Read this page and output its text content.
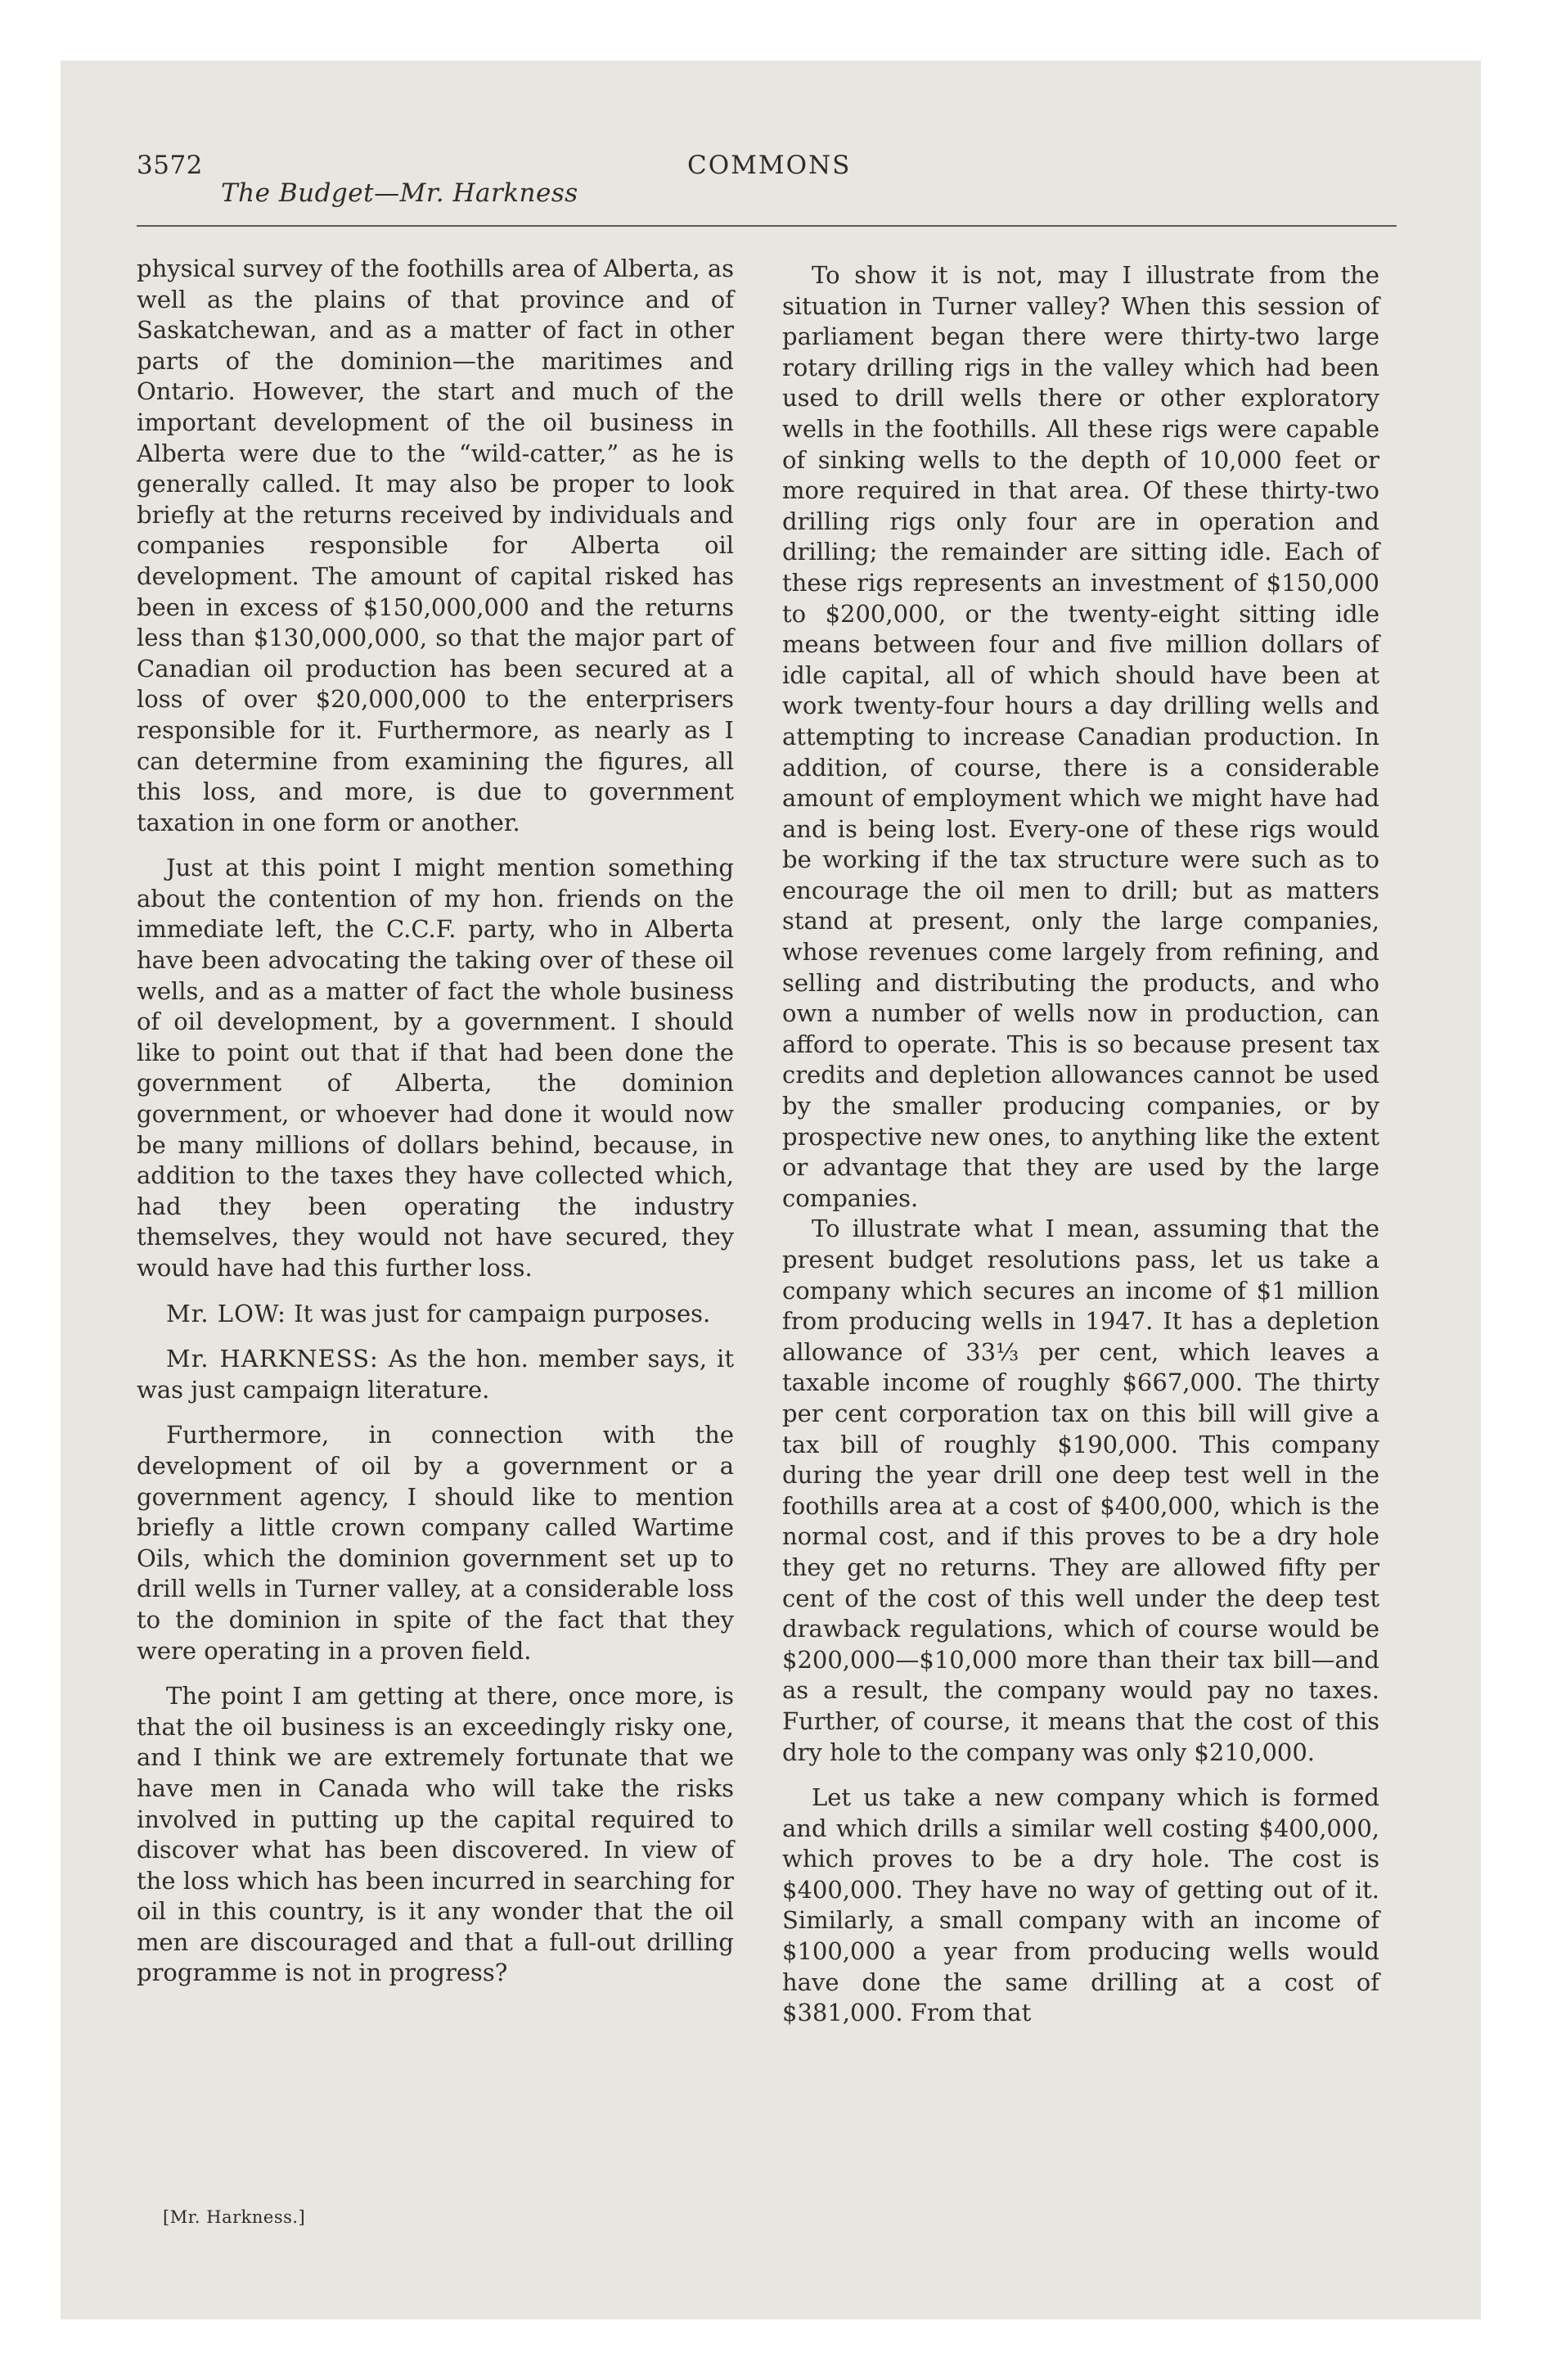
3572
The Budget—Mr. Harkness
COMMONS

physical survey of the foothills area of Alberta, as well as the plains of that province and of Saskatchewan, and as a matter of fact in other parts of the dominion—the maritimes and Ontario. However, the start and much of the important development of the oil business in Alberta were due to the “wild-catter,” as he is generally called. It may also be proper to look briefly at the returns received by individuals and companies responsible for Alberta oil development. The amount of capital risked has been in excess of $150,000,000 and the returns less than $130,000,000, so that the major part of Canadian oil production has been secured at a loss of over $20,000,000 to the enterprisers responsible for it. Furthermore, as nearly as I can determine from examining the figures, all this loss, and more, is due to government taxation in one form or another.

Just at this point I might mention something about the contention of my hon. friends on the immediate left, the C.C.F. party, who in Alberta have been advocating the taking over of these oil wells, and as a matter of fact the whole business of oil development, by a government. I should like to point out that if that had been done the government of Alberta, the dominion government, or whoever had done it would now be many millions of dollars behind, because, in addition to the taxes they have collected which, had they been operating the industry themselves, they would not have secured, they would have had this further loss.

Mr. LOW: It was just for campaign purposes.

Mr. HARKNESS: As the hon. member says, it was just campaign literature.

Furthermore, in connection with the development of oil by a government or a government agency, I should like to mention briefly a little crown company called Wartime Oils, which the dominion government set up to drill wells in Turner valley, at a considerable loss to the dominion in spite of the fact that they were operating in a proven field.

The point I am getting at there, once more, is that the oil business is an exceedingly risky one, and I think we are extremely fortunate that we have men in Canada who will take the risks involved in putting up the capital required to discover what has been discovered. In view of the loss which has been incurred in searching for oil in this country, is it any wonder that the oil men are discouraged and that a full-out drilling programme is not in progress?

[Mr. Harkness.]

To show it is not, may I illustrate from the situation in Turner valley? When this session of parliament began there were thirty-two large rotary drilling rigs in the valley which had been used to drill wells there or other exploratory wells in the foothills. All these rigs were capable of sinking wells to the depth of 10,000 feet or more required in that area. Of these thirty-two drilling rigs only four are in operation and drilling; the remainder are sitting idle. Each of these rigs represents an investment of $150,000 to $200,000, or the twenty-eight sitting idle means between four and five million dollars of idle capital, all of which should have been at work twenty-four hours a day drilling wells and attempting to increase Canadian production. In addition, of course, there is a considerable amount of employment which we might have had and is being lost. Every-one of these rigs would be working if the tax structure were such as to encourage the oil men to drill; but as matters stand at present, only the large companies, whose revenues come largely from refining, and selling and distributing the products, and who own a number of wells now in production, can afford to operate. This is so because present tax credits and depletion allowances cannot be used by the smaller producing companies, or by prospective new ones, to anything like the extent or advantage that they are used by the large companies.

To illustrate what I mean, assuming that the present budget resolutions pass, let us take a company which secures an income of $1 million from producing wells in 1947. It has a depletion allowance of 33⅓ per cent, which leaves a taxable income of roughly $667,000. The thirty per cent corporation tax on this bill will give a tax bill of roughly $190,000. This company during the year drill one deep test well in the foothills area at a cost of $400,000, which is the normal cost, and if this proves to be a dry hole they get no returns. They are allowed fifty per cent of the cost of this well under the deep test drawback regulations, which of course would be $200,000—$10,000 more than their tax bill—and as a result, the company would pay no taxes. Further, of course, it means that the cost of this dry hole to the company was only $210,000.

Let us take a new company which is formed and which drills a similar well costing $400,000, which proves to be a dry hole. The cost is $400,000. They have no way of getting out of it. Similarly, a small company with an income of $100,000 a year from producing wells would have done the same drilling at a cost of $381,000. From that
